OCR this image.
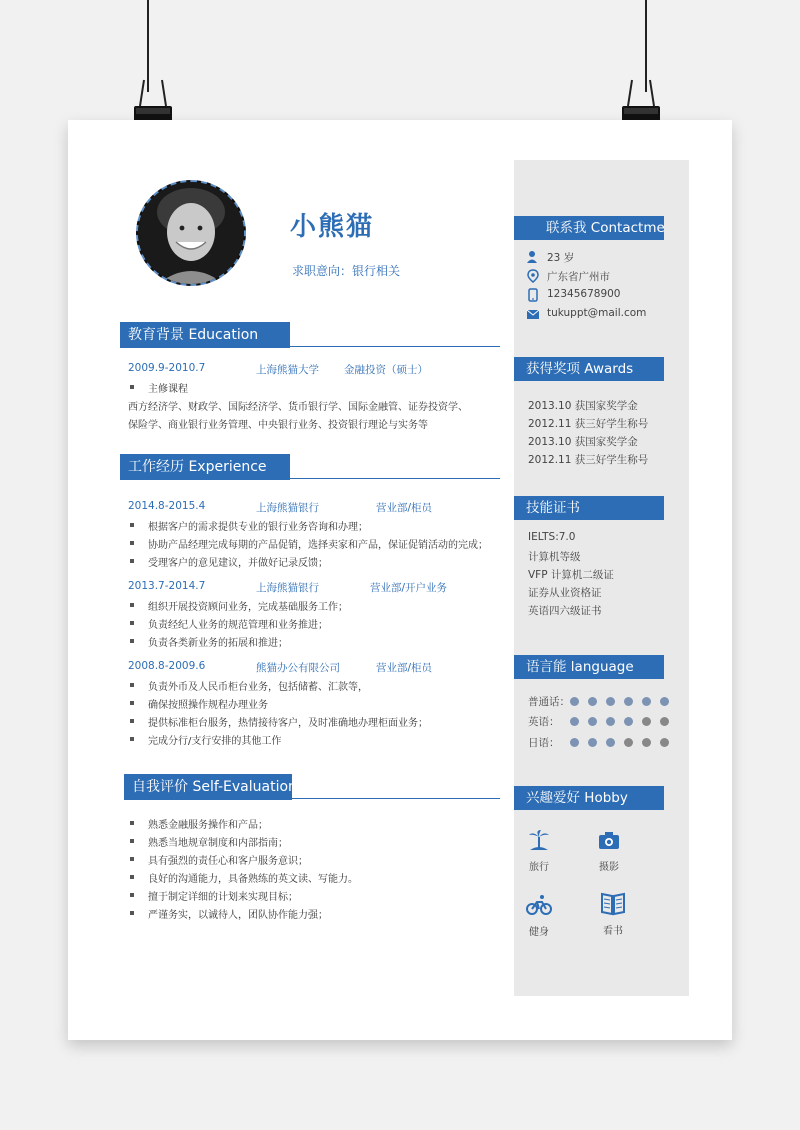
小熊猫
求职意向：银行相关
教育背景 Education
2009.9-2010.7	上海熊猫大学 金融投资（硕士）
主修课程
西方经济学、财政学、国际经济学、货币银行学、国际金融管、证券投资学、
保险学、商业银行业务管理、中央银行业务、投资银行理论与实务等
工作经历 Experience
2014.8-2015.4	上海熊猫银行	营业部/柜员
根据客户的需求提供专业的银行业务咨询和办理；
协助产品经理完成每期的产品促销，选择卖家和产品，保证促销活动的完成；
受理客户的意见建议，并做好记录反馈；
2013.7-2014.7	上海熊猫银行	营业部/开户业务
组织开展投资顾问业务，完成基础服务工作；
负责经纪人业务的规范管理和业务推进；
负责各类新业务的拓展和推进；
2008.8-2009.6	熊猫办公有限公司	营业部/柜员
负责外币及人民币柜台业务，包括储蓄、汇款等，
确保按照操作规程办理业务
提供标准柜台服务，热情接待客户，及时准确地办理柜面业务；
完成分行/支行安排的其他工作
自我评价 Self-Evaluation
熟悉金融服务操作和产品；
熟悉当地规章制度和内部指南；
具有强烈的责任心和客户服务意识；
良好的沟通能力，具备熟练的英文读、写能力。
擅于制定详细的计划来实现目标；
严谨务实，以诚待人，团队协作能力强；
联系我 Contactme
23 岁
广东省广州市
12345678900
tukuppt@mail.com
获得奖项 Awards
2013.10 获国家奖学金
2012.11 获三好学生称号
2013.10 获国家奖学金
2012.11 获三好学生称号
技能证书
IELTS:7.0
计算机等级
VFP 计算机二级证
证券从业资格证
英语四六级证书
语言能 language
普通话：
英语：
日语：
兴趣爱好 Hobby
旅行	摄影
健身	看书
